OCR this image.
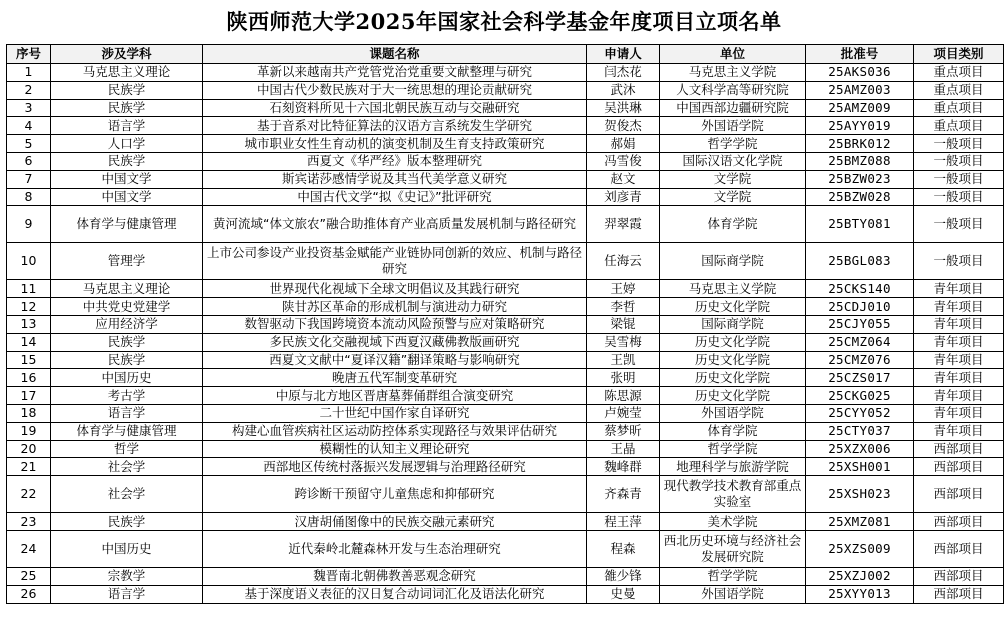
陕西师范大学2025年国家社会科学基金年度项目立项名单
序号	涉及学科	课题名称	申请人	单位	批准号	项目类别
1	马克思主义理论	革新以来越南共产党管党治党重要文献整理与研究	闫杰花	马克思主义学院	25AKS036	重点项目
2	民族学	中国古代少数民族对于大一统思想的理论贡献研究	武沐	人文科学高等研究院	25AMZ003	重点项目
3	民族学	石刻资料所见十六国北朝民族互动与交融研究	吴洪琳	中国西部边疆研究院	25AMZ009	重点项目
4	语言学	基于音系对比特征算法的汉语方言系统发生学研究	贺俊杰	外国语学院	25AYY019	重点项目
5	人口学	城市职业女性生育动机的演变机制及生育支持政策研究	郝娟	哲学学院	25BRK012	一般项目
6	民族学	西夏文《华严经》版本整理研究	冯雪俊	国际汉语文化学院	25BMZ088	一般项目
7	中国文学	斯宾诺莎感情学说及其当代美学意义研究	赵文	文学院	25BZW023	一般项目
8	中国文学	中国古代文学“拟《史记》”批评研究	刘彦青	文学院	25BZW028	一般项目
9	体育学与健康管理	黄河流域“体文旅农”融合助推体育产业高质量发展机制与路径研究	羿翠霞	体育学院	25BTY081	一般项目
10	管理学	上市公司参设产业投资基金赋能产业链协同创新的效应、机制与路径研究	任海云	国际商学院	25BGL083	一般项目
11	马克思主义理论	世界现代化视域下全球文明倡议及其践行研究	王婷	马克思主义学院	25CKS140	青年项目
12	中共党史党建学	陕甘苏区革命的形成机制与演进动力研究	李哲	历史文化学院	25CDJ010	青年项目
13	应用经济学	数智驱动下我国跨境资本流动风险预警与应对策略研究	梁锟	国际商学院	25CJY055	青年项目
14	民族学	多民族文化交融视域下西夏汉藏佛教版画研究	吴雪梅	历史文化学院	25CMZ064	青年项目
15	民族学	西夏文文献中“夏译汉籍”翻译策略与影响研究	王凯	历史文化学院	25CMZ076	青年项目
16	中国历史	晚唐五代军制变革研究	张明	历史文化学院	25CZS017	青年项目
17	考古学	中原与北方地区晋唐墓葬俑群组合演变研究	陈思源	历史文化学院	25CKG025	青年项目
18	语言学	二十世纪中国作家自译研究	卢婉莹	外国语学院	25CYY052	青年项目
19	体育学与健康管理	构建心血管疾病社区运动防控体系实现路径与效果评估研究	蔡梦昕	体育学院	25CTY037	青年项目
20	哲学	模糊性的认知主义理论研究	王晶	哲学学院	25XZX006	西部项目
21	社会学	西部地区传统村落振兴发展逻辑与治理路径研究	魏峰群	地理科学与旅游学院	25XSH001	西部项目
22	社会学	跨诊断干预留守儿童焦虑和抑郁研究	齐森青	现代教学技术教育部重点实验室	25XSH023	西部项目
23	民族学	汉唐胡俑图像中的民族交融元素研究	程王萍	美术学院	25XMZ081	西部项目
24	中国历史	近代秦岭北麓森林开发与生态治理研究	程森	西北历史环境与经济社会发展研究院	25XZS009	西部项目
25	宗教学	魏晋南北朝佛教善恶观念研究	雒少锋	哲学学院	25XZJ002	西部项目
26	语言学	基于深度语义表征的汉日复合动词词汇化及语法化研究	史曼	外国语学院	25XYY013	西部项目
